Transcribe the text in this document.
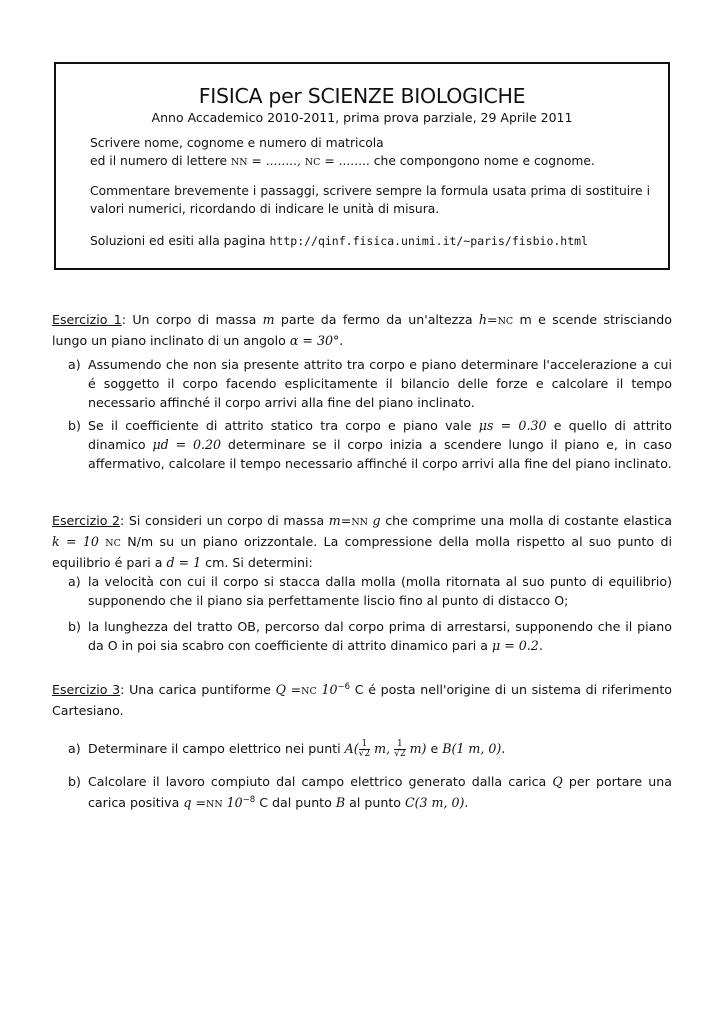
FISICA per SCIENZE BIOLOGICHE
Anno Accademico 2010-2011, prima prova parziale, 29 Aprile 2011
Scrivere nome, cognome e numero di matricola
ed il numero di lettere NN = ........, NC = ........ che compongono nome e cognome.
Commentare brevemente i passaggi, scrivere sempre la formula usata prima di sostituire i valori numerici, ricordando di indicare le unità di misura.
Soluzioni ed esiti alla pagina http://qinf.fisica.unimi.it/~paris/fisbio.html
Esercizio 1: Un corpo di massa m parte da fermo da un'altezza h=NC m e scende strisciando lungo un piano inclinato di un angolo α = 30°.
a) Assumendo che non sia presente attrito tra corpo e piano determinare l'accelerazione a cui é soggetto il corpo facendo esplicitamente il bilancio delle forze e calcolare il tempo necessario affinché il corpo arrivi alla fine del piano inclinato.
b) Se il coefficiente di attrito statico tra corpo e piano vale μs = 0.30 e quello di attrito dinamico μd = 0.20 determinare se il corpo inizia a scendere lungo il piano e, in caso affermativo, calcolare il tempo necessario affinché il corpo arrivi alla fine del piano inclinato.
Esercizio 2: Si consideri un corpo di massa m=NN g che comprime una molla di costante elastica k = 10 NC N/m su un piano orizzontale. La compressione della molla rispetto al suo punto di equilibrio é pari a d = 1 cm. Si determini:
a) la velocità con cui il corpo si stacca dalla molla (molla ritornata al suo punto di equilibrio) supponendo che il piano sia perfettamente liscio fino al punto di distacco O;
b) la lunghezza del tratto OB, percorso dal corpo prima di arrestarsi, supponendo che il piano da O in poi sia scabro con coefficiente di attrito dinamico pari a μ = 0.2.
Esercizio 3: Una carica puntiforme Q =NC $10^{-6}$ C é posta nell'origine di un sistema di riferimento Cartesiano.
a) Determinare il campo elettrico nei punti $A( \frac{1}{√2} m$, $\frac{1}{√2} m$) e B(1 m, 0).
b) Calcolare il lavoro compiuto dal campo elettrico generato dalla carica Q per portare una carica positiva q =NN $10^{-8}$ C dal punto B al punto C(3 m, 0).
